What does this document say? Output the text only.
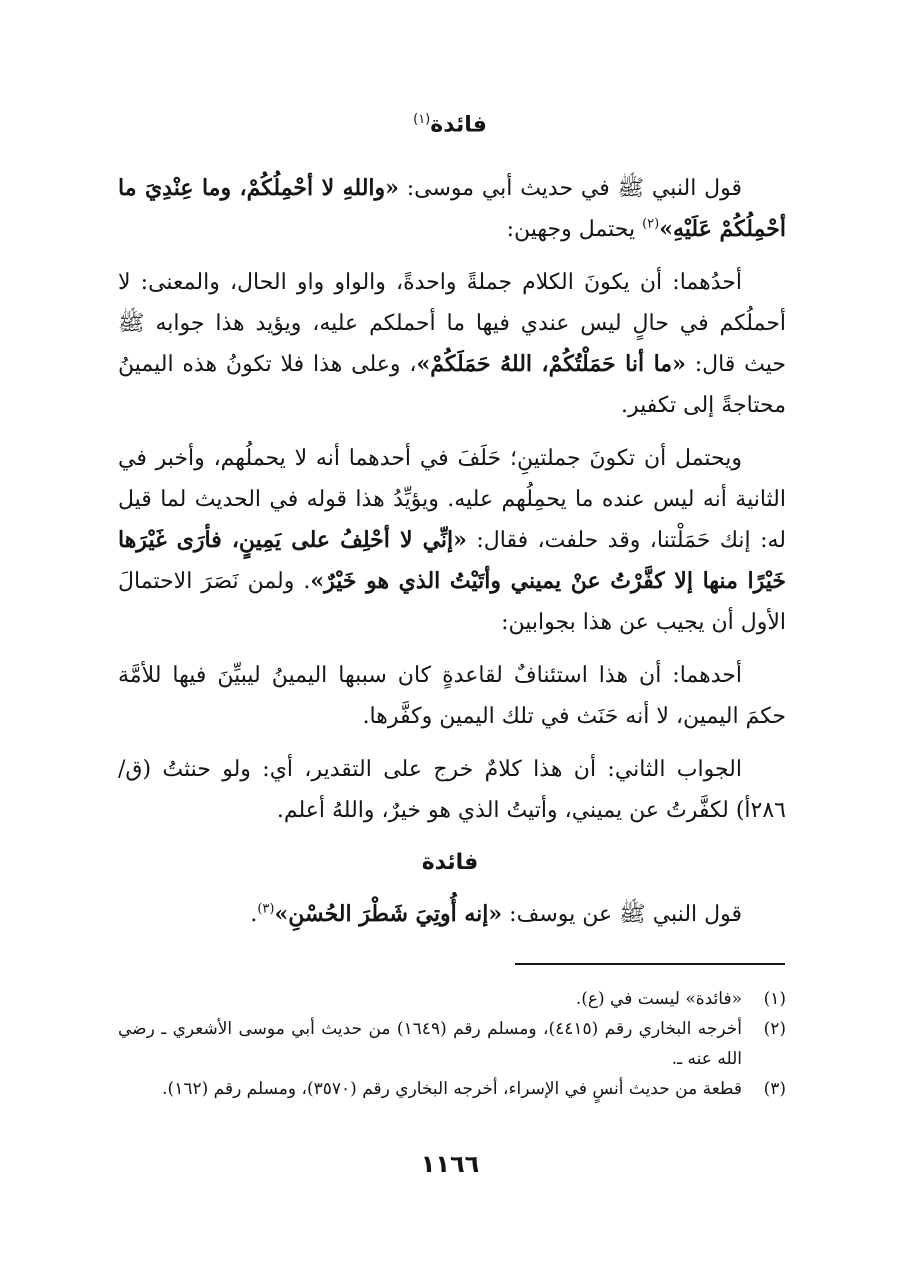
فائدة$^{(١)}$

قول النبي ﷺ في حديث أبي موسى: «واللهِ لا أحْمِلُكُمْ، وما عِنْدِيَ ما أحْمِلُكُمْ عَلَيْهِ»$^{(٢)}$ يحتمل وجهين:

أحدُهما: أن يكونَ الكلام جملةً واحدةً، والواو واو الحال، والمعنى: لا أحملُكم في حالٍ ليس عندي فيها ما أحملكم عليه، ويؤيد هذا جوابه ﷺ حيث قال: «ما أنا حَمَلْتُكُمْ، اللهُ حَمَلَكُمْ»، وعلى هذا فلا تكونُ هذه اليمينُ محتاجةً إلى تكفير.

ويحتمل أن تكونَ جملتينِ؛ حَلَفَ في أحدهما أنه لا يحملُهم، وأخبر في الثانية أنه ليس عنده ما يحمِلُهم عليه. ويؤيِّدُ هذا قوله في الحديث لما قيل له: إنك حَمَلْتنا، وقد حلفت، فقال: «إنِّي لا أحْلِفُ على يَمِينٍ، فأرَى غَيْرَها خَيْرًا منها إلا كفَّرْتُ عنْ يميني وأتَيْتُ الذي هو خَيْرٌ». ولمن نَصَرَ الاحتمالَ الأول أن يجيب عن هذا بجوابين:

أحدهما: أن هذا استئنافٌ لقاعدةٍ كان سببها اليمينُ ليبيِّنَ فيها للأمَّة حكمَ اليمين، لا أنه حَنَث في تلك اليمين وكفَّرها.

الجواب الثاني: أن هذا كلامٌ خرج على التقدير، أي: ولو حنثتُ (ق/٢٨٦أ) لكفَّرتُ عن يميني، وأتيتُ الذي هو خيرٌ، واللهُ أعلم.

فائدة

قول النبي ﷺ عن يوسف: «إنه أُوتِيَ شَطْرَ الحُسْنِ»$^{(٣)}$.

(١)
«فائدة» ليست في (ع).
(٢)
أخرجه البخاري رقم (٤٤١٥)، ومسلم رقم (١٦٤٩) من حديث أبي موسى الأشعري ـ رضي الله عنه ـ.
(٣)
قطعة من حديث أنسٍ في الإسراء، أخرجه البخاري رقم (٣٥٧٠)، ومسلم رقم (١٦٢).
١١٦٦
